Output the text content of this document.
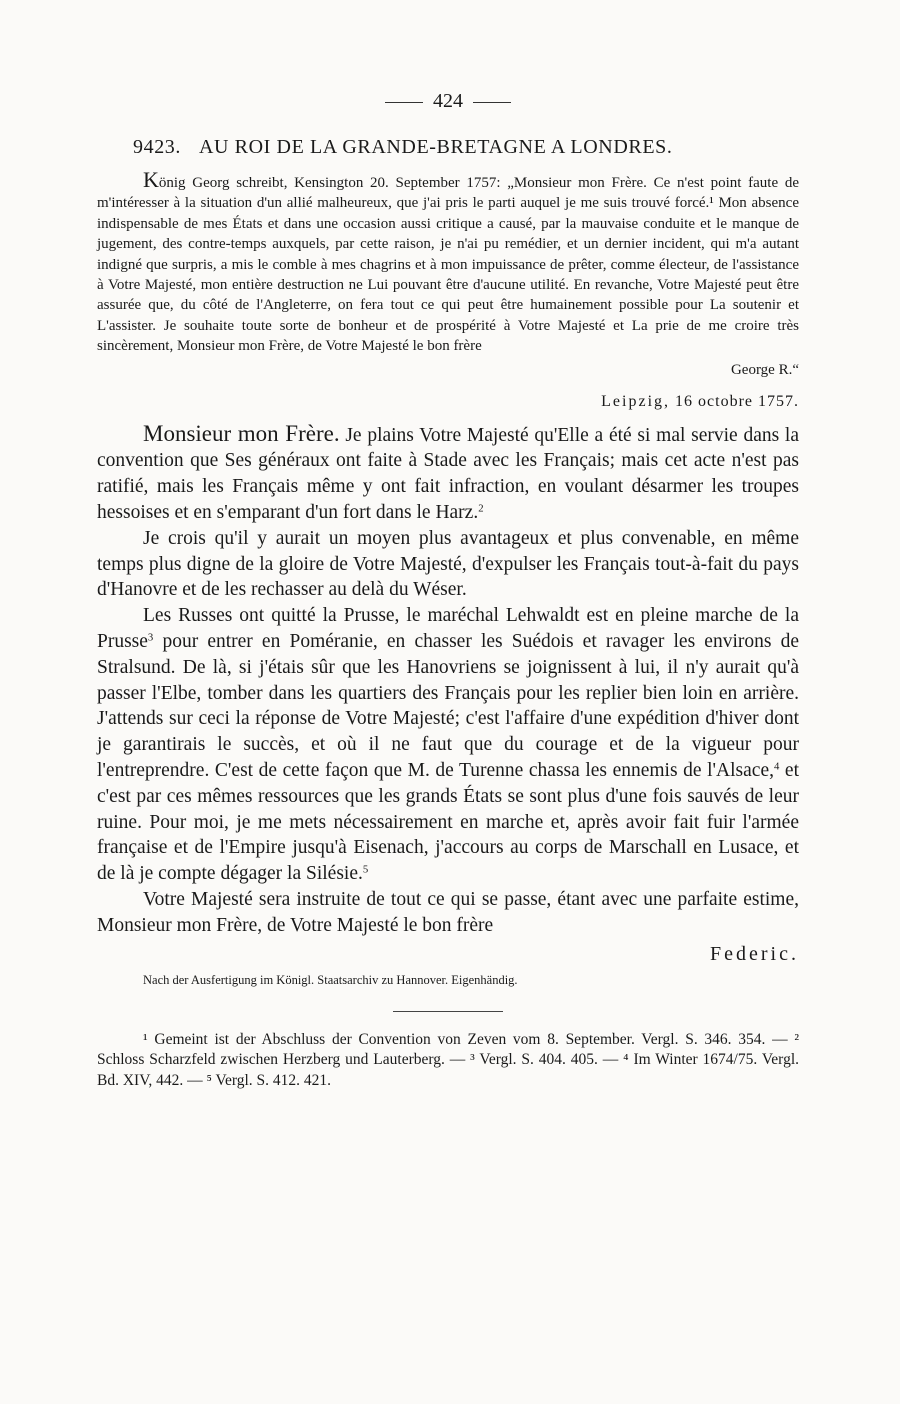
424
9423. AU ROI DE LA GRANDE-BRETAGNE A LONDRES.

König Georg schreibt, Kensington 20. September 1757: „Monsieur mon Frère. Ce n'est point faute de m'intéresser à la situation d'un allié malheureux, que j'ai pris le parti auquel je me suis trouvé forcé.¹ Mon absence indispensable de mes États et dans une occasion aussi critique a causé, par la mauvaise conduite et le manque de jugement, des contre-temps auxquels, par cette raison, je n'ai pu remédier, et un dernier incident, qui m'a autant indigné que surpris, a mis le comble à mes chagrins et à mon impuissance de prêter, comme électeur, de l'assistance à Votre Majesté, mon entière destruction ne Lui pouvant être d'aucune utilité. En revanche, Votre Majesté peut être assurée que, du côté de l'Angleterre, on fera tout ce qui peut être humainement possible pour La soutenir et L'assister. Je souhaite toute sorte de bonheur et de prospérité à Votre Majesté et La prie de me croire très sincèrement, Monsieur mon Frère, de Votre Majesté le bon frère

George R.“
Leipzig, 16 octobre 1757.

Monsieur mon Frère. Je plains Votre Majesté qu'Elle a été si mal servie dans la convention que Ses généraux ont faite à Stade avec les Français; mais cet acte n'est pas ratifié, mais les Français même y ont fait infraction, en voulant désarmer les troupes hessoises et en s'emparant d'un fort dans le Harz.$^2$

Je crois qu'il y aurait un moyen plus avantageux et plus convenable, en même temps plus digne de la gloire de Votre Majesté, d'expulser les Français tout-à-fait du pays d'Hanovre et de les rechasser au delà du Wéser.

Les Russes ont quitté la Prusse, le maréchal Lehwaldt est en pleine marche de la Prusse$^3$ pour entrer en Poméranie, en chasser les Suédois et ravager les environs de Stralsund. De là, si j'étais sûr que les Hanovriens se joignissent à lui, il n'y aurait qu'à passer l'Elbe, tomber dans les quartiers des Français pour les replier bien loin en arrière. J'attends sur ceci la réponse de Votre Majesté; c'est l'affaire d'une expédition d'hiver dont je garantirais le succès, et où il ne faut que du courage et de la vigueur pour l'entreprendre. C'est de cette façon que M. de Turenne chassa les ennemis de l'Alsace,$^4$ et c'est par ces mêmes ressources que les grands États se sont plus d'une fois sauvés de leur ruine. Pour moi, je me mets nécessairement en marche et, après avoir fait fuir l'armée française et de l'Empire jusqu'à Eisenach, j'accours au corps de Marschall en Lusace, et de là je compte dégager la Silésie.$^5$

Votre Majesté sera instruite de tout ce qui se passe, étant avec une parfaite estime, Monsieur mon Frère, de Votre Majesté le bon frère

Federic.
Nach der Ausfertigung im Königl. Staatsarchiv zu Hannover. Eigenhändig.

¹ Gemeint ist der Abschluss der Convention von Zeven vom 8. September. Vergl. S. 346. 354. — ² Schloss Scharzfeld zwischen Herzberg und Lauterberg. — ³ Vergl. S. 404. 405. — ⁴ Im Winter 1674/75. Vergl. Bd. XIV, 442. — ⁵ Vergl. S. 412. 421.
